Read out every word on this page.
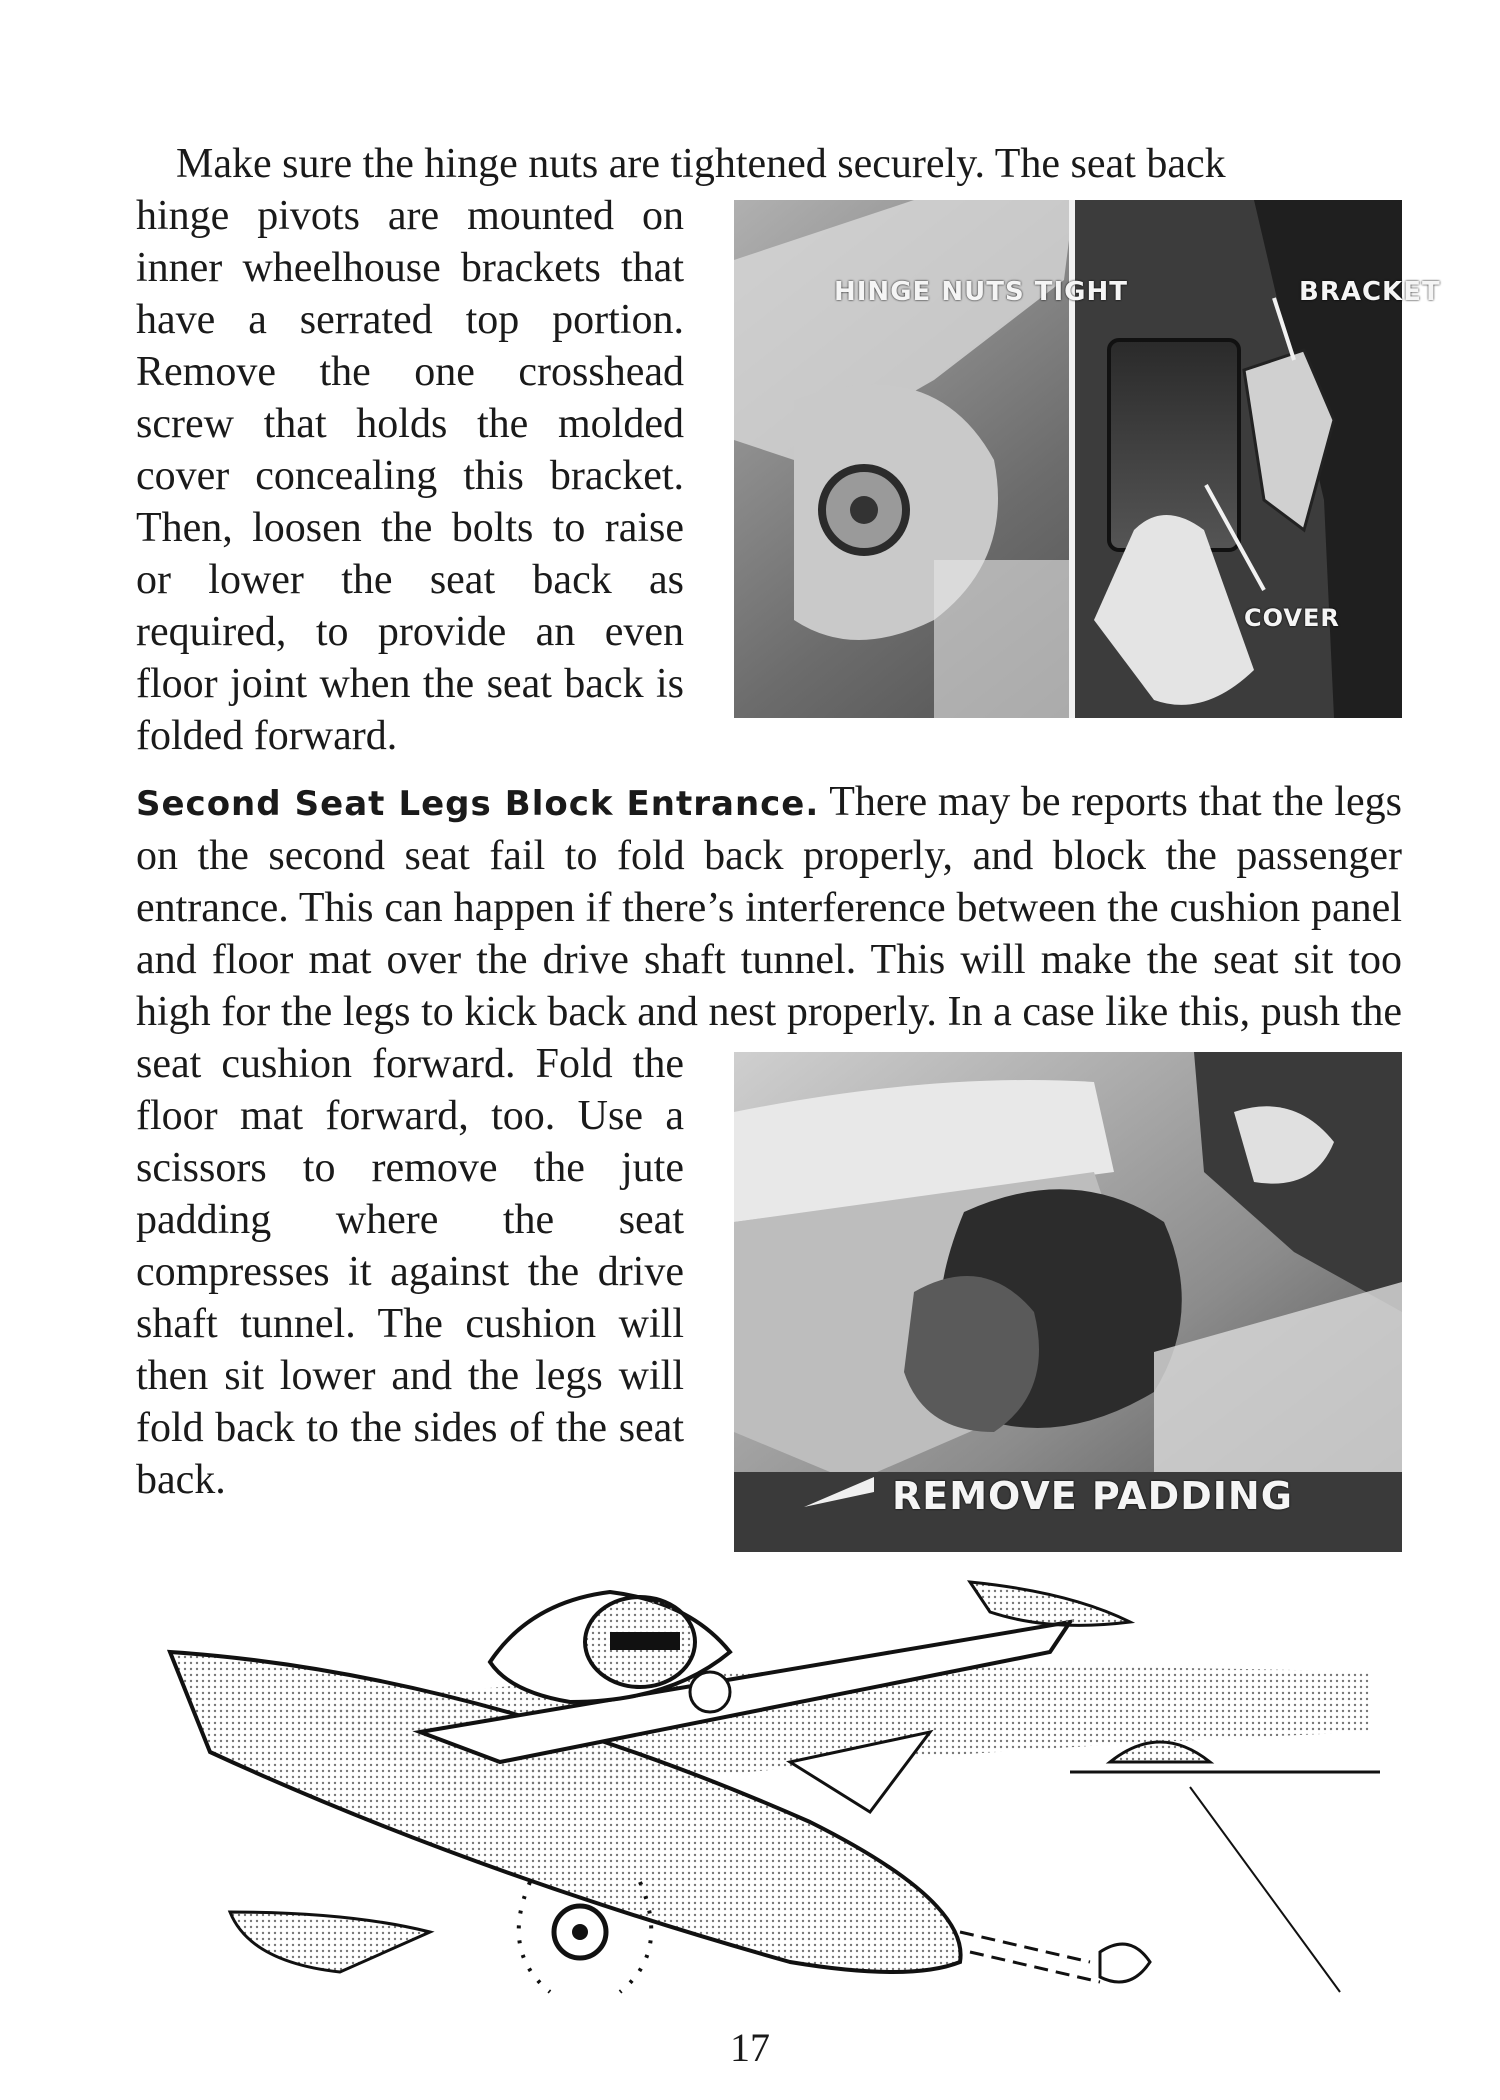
Make sure the hinge nuts are tightened securely. The seat back
HINGE NUTS TIGHT	BRACKET
COVER
hinge pivots are mounted on inner wheelhouse brackets that have a serrated top portion. Remove the one crosshead screw that holds the molded cover concealing this bracket. Then, loosen the bolts to raise or lower the seat back as required, to provide an even floor joint when the seat back is folded forward.

Second Seat Legs Block Entrance. There may be reports that the legs on the second seat fail to fold back properly, and block the passenger entrance. This can happen if there’s interference between the cushion panel and floor mat over the drive shaft tunnel. This will make the seat sit too high for the legs to kick back and nest properly. In a case
REMOVE PADDING
like this, push the seat cushion forward. Fold the floor mat forward, too. Use a scissors to remove the jute padding where the seat compresses it against the drive shaft tunnel. The cushion will then sit lower and the legs will fold back to the sides of the seat back.

17
